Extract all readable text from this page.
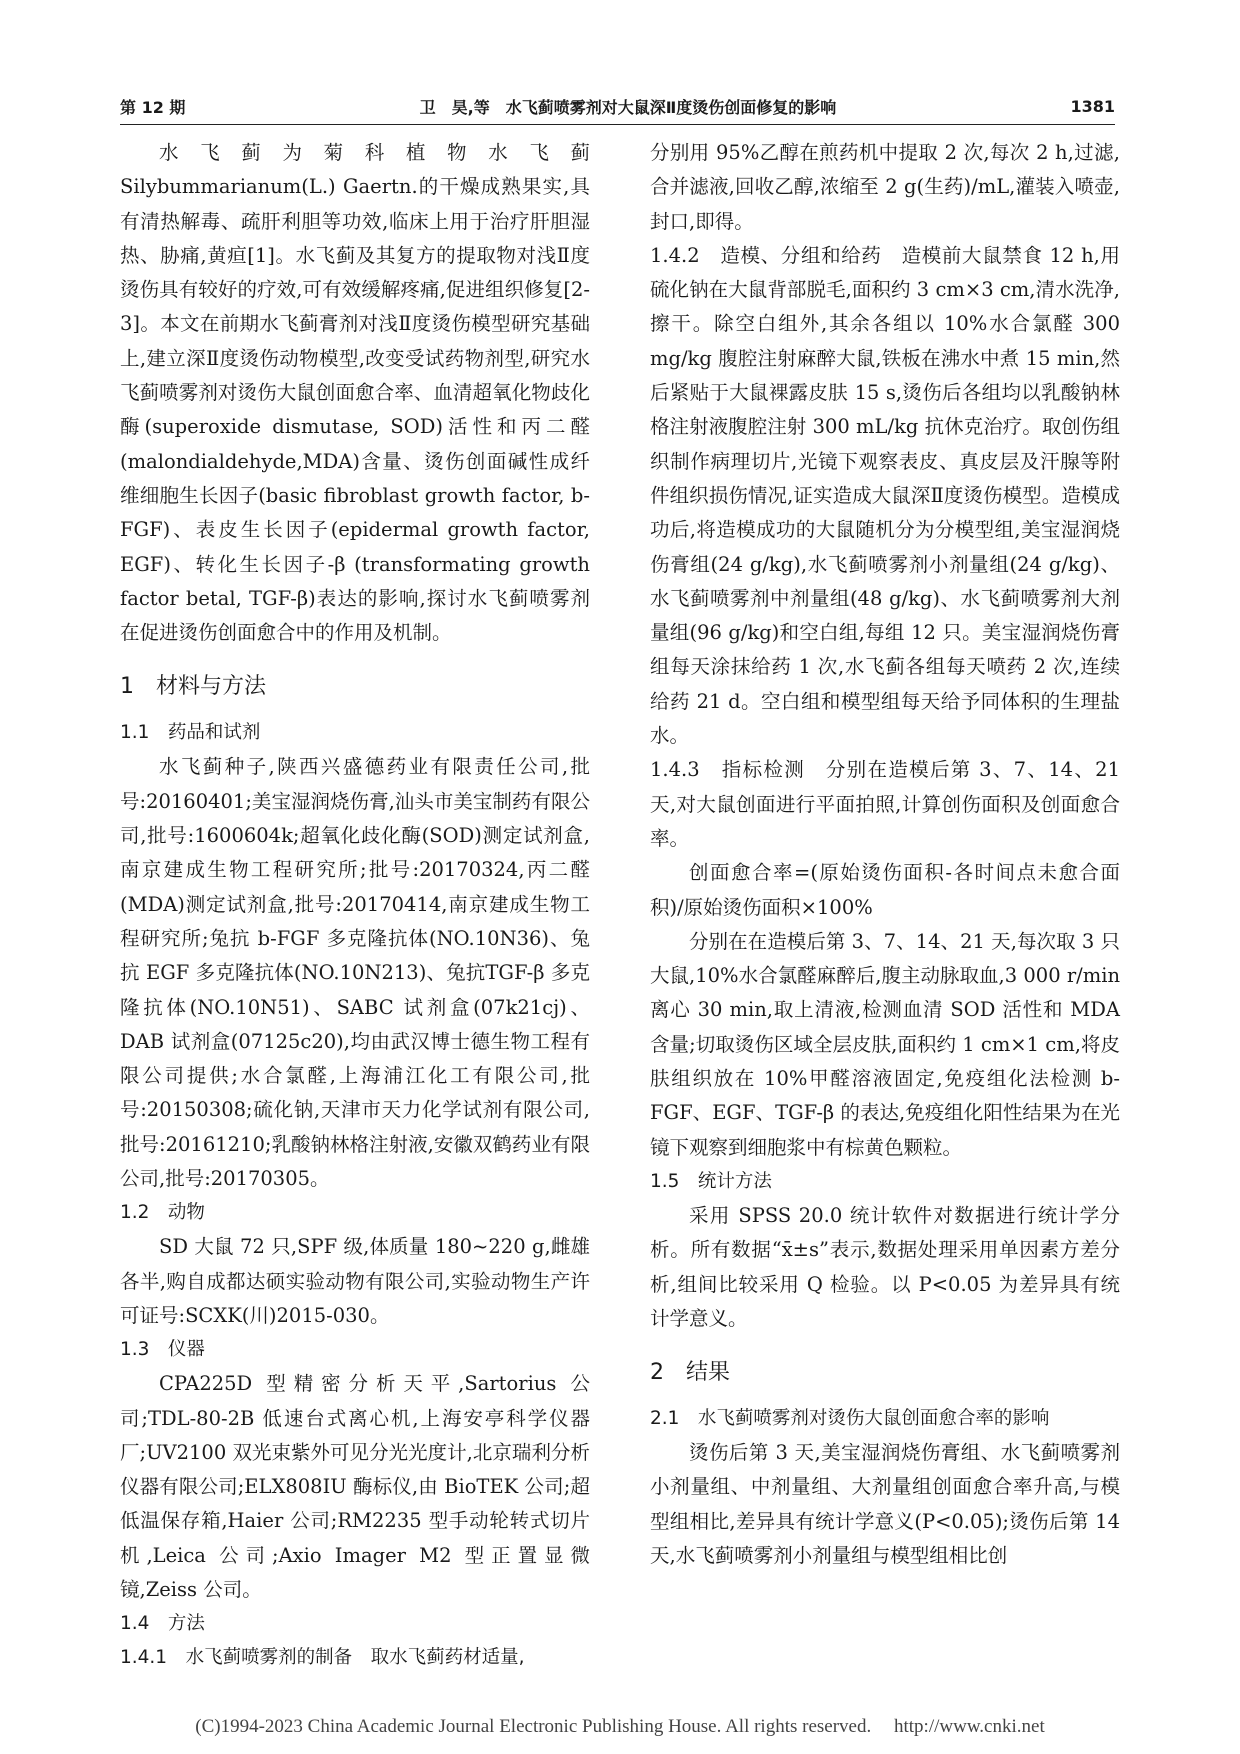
第 12 期	卫　昊,等　水飞蓟喷雾剂对大鼠深Ⅱ度烫伤创面修复的影响	1381

水飞蓟为菊科植物水飞蓟 Silybummarianum(L.) Gaertn.的干燥成熟果实,具有清热解毒、疏肝利胆等功效,临床上用于治疗肝胆湿热、胁痛,黄疸[1]。水飞蓟及其复方的提取物对浅Ⅱ度烫伤具有较好的疗效,可有效缓解疼痛,促进组织修复[2-3]。本文在前期水飞蓟膏剂对浅Ⅱ度烫伤模型研究基础上,建立深Ⅱ度烫伤动物模型,改变受试药物剂型,研究水飞蓟喷雾剂对烫伤大鼠创面愈合率、血清超氧化物歧化酶(superoxide dismutase, SOD)活性和丙二醛(malondialdehyde,MDA)含量、烫伤创面碱性成纤维细胞生长因子(basic fibroblast growth factor, b-FGF)、表皮生长因子(epidermal growth factor, EGF)、转化生长因子-β (transformating growth factor betal, TGF-β)表达的影响,探讨水飞蓟喷雾剂在促进烫伤创面愈合中的作用及机制。

1　材料与方法
1.1　药品和试剂

水飞蓟种子,陕西兴盛德药业有限责任公司,批号:20160401;美宝湿润烧伤膏,汕头市美宝制药有限公司,批号:1600604k;超氧化歧化酶(SOD)测定试剂盒,南京建成生物工程研究所;批号:20170324,丙二醛(MDA)测定试剂盒,批号:20170414,南京建成生物工程研究所;兔抗 b-FGF 多克隆抗体(NO.10N36)、兔抗 EGF 多克隆抗体(NO.10N213)、兔抗TGF-β 多克隆抗体(NO.10N51)、SABC 试剂盒(07k21cj)、DAB 试剂盒(07125c20),均由武汉博士德生物工程有限公司提供;水合氯醛,上海浦江化工有限公司,批号:20150308;硫化钠,天津市天力化学试剂有限公司,批号:20161210;乳酸钠林格注射液,安徽双鹤药业有限公司,批号:20170305。

1.2　动物

SD 大鼠 72 只,SPF 级,体质量 180~220 g,雌雄各半,购自成都达硕实验动物有限公司,实验动物生产许可证号:SCXK(川)2015-030。

1.3　仪器

CPA225D 型精密分析天平,Sartorius 公司;TDL-80-2B 低速台式离心机,上海安亭科学仪器厂;UV2100 双光束紫外可见分光光度计,北京瑞利分析仪器有限公司;ELX808IU 酶标仪,由 BioTEK 公司;超低温保存箱,Haier 公司;RM2235 型手动轮转式切片机,Leica 公司;Axio Imager M2 型正置显微镜,Zeiss 公司。

1.4　方法
1.4.1　水飞蓟喷雾剂的制备　取水飞蓟药材适量,

分别用 95%乙醇在煎药机中提取 2 次,每次 2 h,过滤,合并滤液,回收乙醇,浓缩至 2 g(生药)/mL,灌装入喷壶,封口,即得。

1.4.2　造模、分组和给药　造模前大鼠禁食 12 h,用硫化钠在大鼠背部脱毛,面积约 3 cm×3 cm,清水洗净,擦干。除空白组外,其余各组以 10%水合氯醛 300 mg/kg 腹腔注射麻醉大鼠,铁板在沸水中煮 15 min,然后紧贴于大鼠裸露皮肤 15 s,烫伤后各组均以乳酸钠林格注射液腹腔注射 300 mL/kg 抗休克治疗。取创伤组织制作病理切片,光镜下观察表皮、真皮层及汗腺等附件组织损伤情况,证实造成大鼠深Ⅱ度烫伤模型。造模成功后,将造模成功的大鼠随机分为分模型组,美宝湿润烧伤膏组(24 g/kg),水飞蓟喷雾剂小剂量组(24 g/kg)、水飞蓟喷雾剂中剂量组(48 g/kg)、水飞蓟喷雾剂大剂量组(96 g/kg)和空白组,每组 12 只。美宝湿润烧伤膏组每天涂抹给药 1 次,水飞蓟各组每天喷药 2 次,连续给药 21 d。空白组和模型组每天给予同体积的生理盐水。

1.4.3　指标检测　分别在造模后第 3、7、14、21 天,对大鼠创面进行平面拍照,计算创伤面积及创面愈合率。

创面愈合率=(原始烫伤面积-各时间点未愈合面积)/原始烫伤面积×100%

分别在在造模后第 3、7、14、21 天,每次取 3 只大鼠,10%水合氯醛麻醉后,腹主动脉取血,3 000 r/min 离心 30 min,取上清液,检测血清 SOD 活性和 MDA 含量;切取烫伤区域全层皮肤,面积约 1 cm×1 cm,将皮肤组织放在 10%甲醛溶液固定,免疫组化法检测 b-FGF、EGF、TGF-β 的表达,免疫组化阳性结果为在光镜下观察到细胞浆中有棕黄色颗粒。

1.5　统计方法

采用 SPSS 20.0 统计软件对数据进行统计学分析。所有数据“x̄±s”表示,数据处理采用单因素方差分析,组间比较采用 Q 检验。以 P<0.05 为差异具有统计学意义。

2　结果
2.1　水飞蓟喷雾剂对烫伤大鼠创面愈合率的影响

烫伤后第 3 天,美宝湿润烧伤膏组、水飞蓟喷雾剂小剂量组、中剂量组、大剂量组创面愈合率升高,与模型组相比,差异具有统计学意义(P<0.05);烫伤后第 14 天,水飞蓟喷雾剂小剂量组与模型组相比创

(C)1994-2023 China Academic Journal Electronic Publishing House. All rights reserved. http://www.cnki.net
